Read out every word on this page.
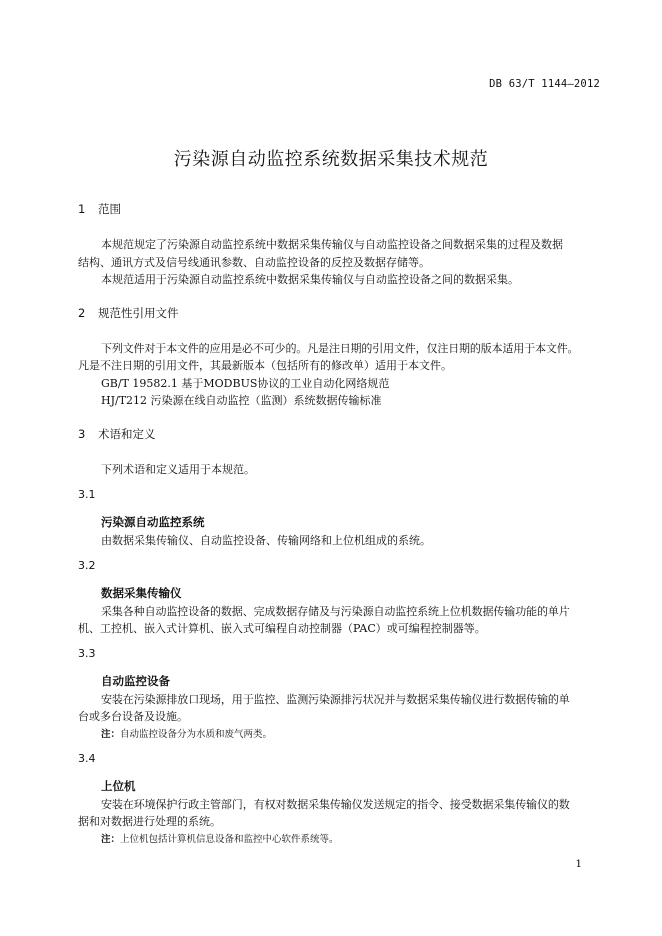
DB 63/T 1144—2012
污染源自动监控系统数据采集技术规范
1 范围
本规范规定了污染源自动监控系统中数据采集传输仪与自动监控设备之间数据采集的过程及数据
结构、通讯方式及信号线通讯参数、自动监控设备的反控及数据存储等。
本规范适用于污染源自动监控系统中数据采集传输仪与自动监控设备之间的数据采集。
2 规范性引用文件
下列文件对于本文件的应用是必不可少的。凡是注日期的引用文件，仅注日期的版本适用于本文件。
凡是不注日期的引用文件，其最新版本（包括所有的修改单）适用于本文件。
GB/T 19582.1 基于MODBUS协议的工业自动化网络规范
HJ/T212 污染源在线自动监控（监测）系统数据传输标准
3 术语和定义
下列术语和定义适用于本规范。
3.1
污染源自动监控系统
由数据采集传输仪、自动监控设备、传输网络和上位机组成的系统。
3.2
数据采集传输仪
采集各种自动监控设备的数据、完成数据存储及与污染源自动监控系统上位机数据传输功能的单片
机、工控机、嵌入式计算机、嵌入式可编程自动控制器（PAC）或可编程控制器等。
3.3
自动监控设备
安装在污染源排放口现场，用于监控、监测污染源排污状况并与数据采集传输仪进行数据传输的单
台或多台设备及设施。
注：自动监控设备分为水质和废气两类。
3.4
上位机
安装在环境保护行政主管部门，有权对数据采集传输仪发送规定的指令、接受数据采集传输仪的数
据和对数据进行处理的系统。
注：上位机包括计算机信息设备和监控中心软件系统等。
1
